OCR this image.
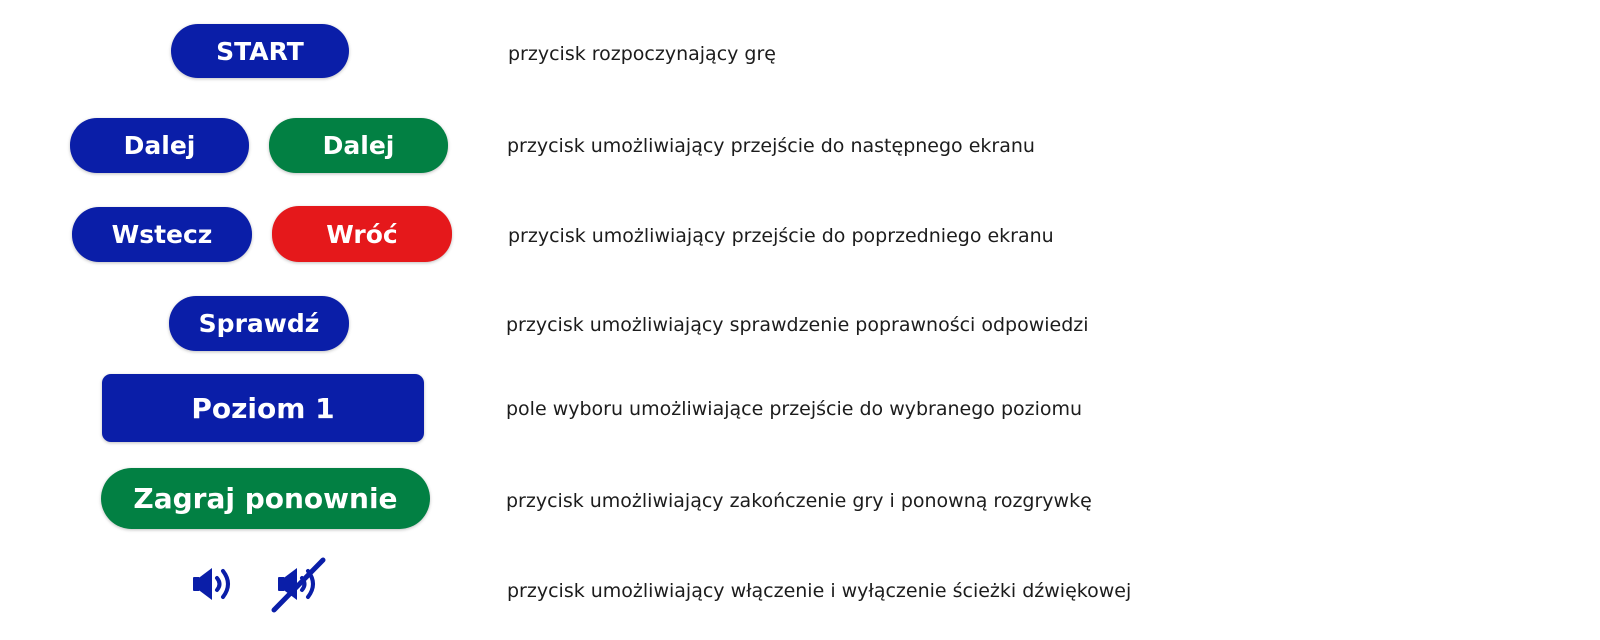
START	przycisk rozpoczynający grę
Dalej	Dalej	przycisk umożliwiający przejście do następnego ekranu
Wstecz	Wróć	przycisk umożliwiający przejście do poprzedniego ekranu
Sprawdź	przycisk umożliwiający sprawdzenie poprawności odpowiedzi
Poziom 1	pole wyboru umożliwiające przejście do wybranego poziomu
Zagraj ponownie	przycisk umożliwiający zakończenie gry i ponowną rozgrywkę
przycisk umożliwiający włączenie i wyłączenie ścieżki dźwiękowej
